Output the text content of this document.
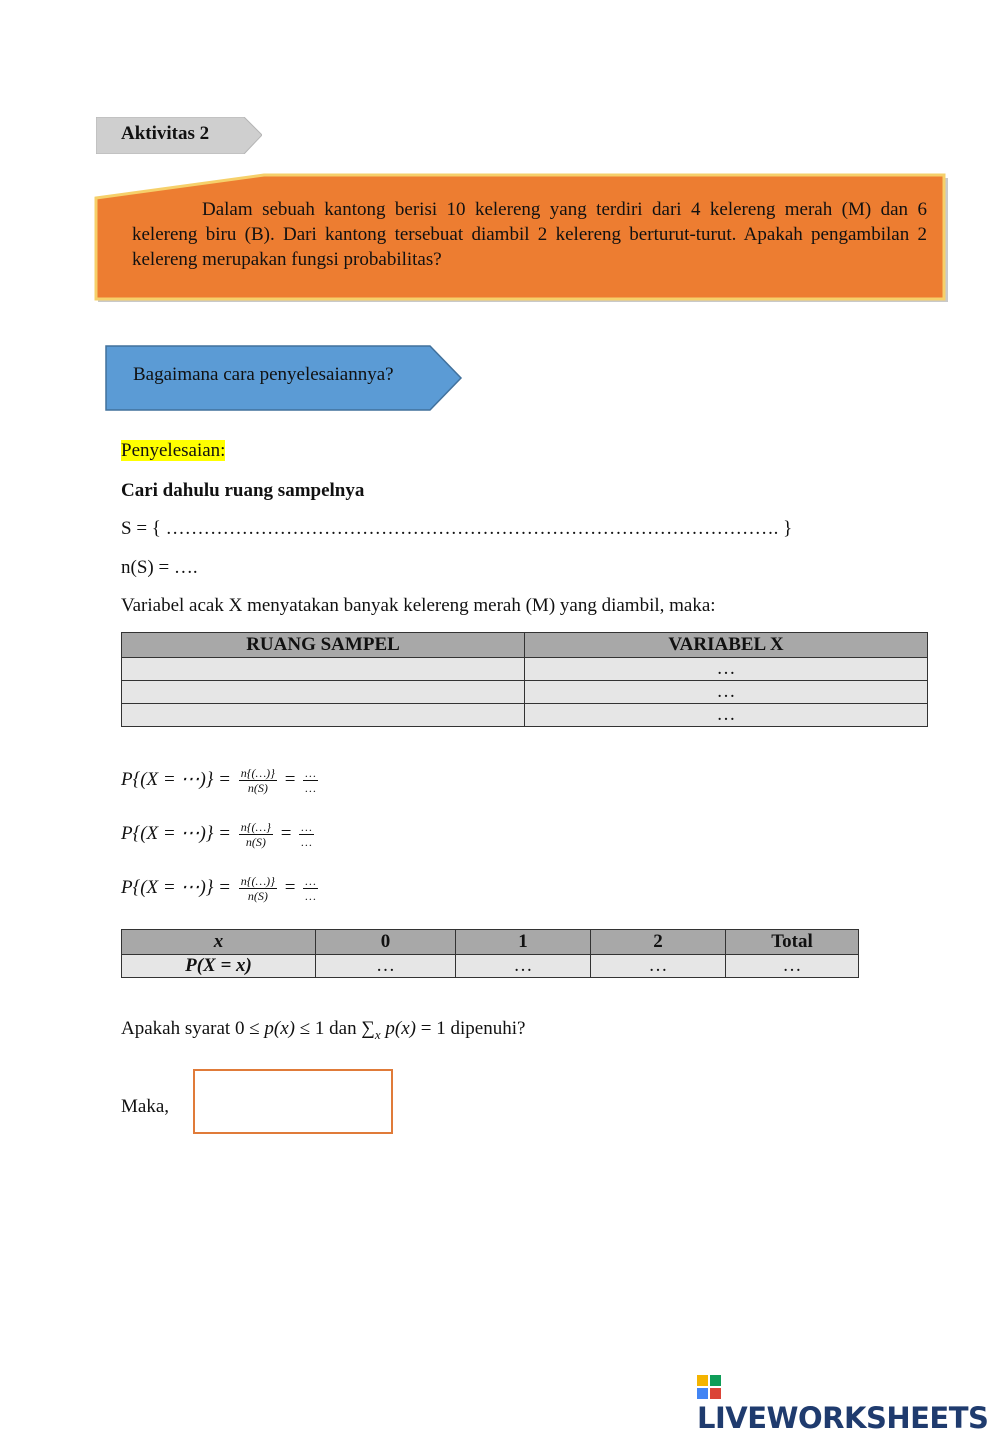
Aktivitas 2

Dalam sebuah kantong berisi 10 kelereng yang terdiri dari 4 kelereng merah (M) dan 6 kelereng biru (B). Dari kantong tersebuat diambil 2 kelereng berturut-turut. Apakah pengambilan 2 kelereng merupakan fungsi probabilitas?

Bagaimana cara penyelesaiannya?
Penyelesaian:
Cari dahulu ruang sampelnya
S = { ……………………………………………………………………………………. }
n(S) = ….
Variabel acak X menyatakan banyak kelereng merah (M) yang diambil, maka:
RUANG SAMPEL	VARIABEL X
	…
	…
	…
P{(X = ⋯)} = $\frac{n\{(\dots)\}}{n(S)} = \frac{\dots}{\dots}$
P{(X = ⋯)} = $\frac{n\{(\dots\}}{n(S)} = \frac{\dots}{\dots}$
P{(X = ⋯)} = $\frac{n\{(\dots)\}}{n(S)} = \frac{\dots}{\dots}$
x	0	1	2	Total
P(X = x)	…	…	…	…
Apakah syarat 0 ≤ p(x) ≤ 1 dan $\sum_x$ p(x) = 1 dipenuhi?
Maka,
LIVEWORKSHEETS
